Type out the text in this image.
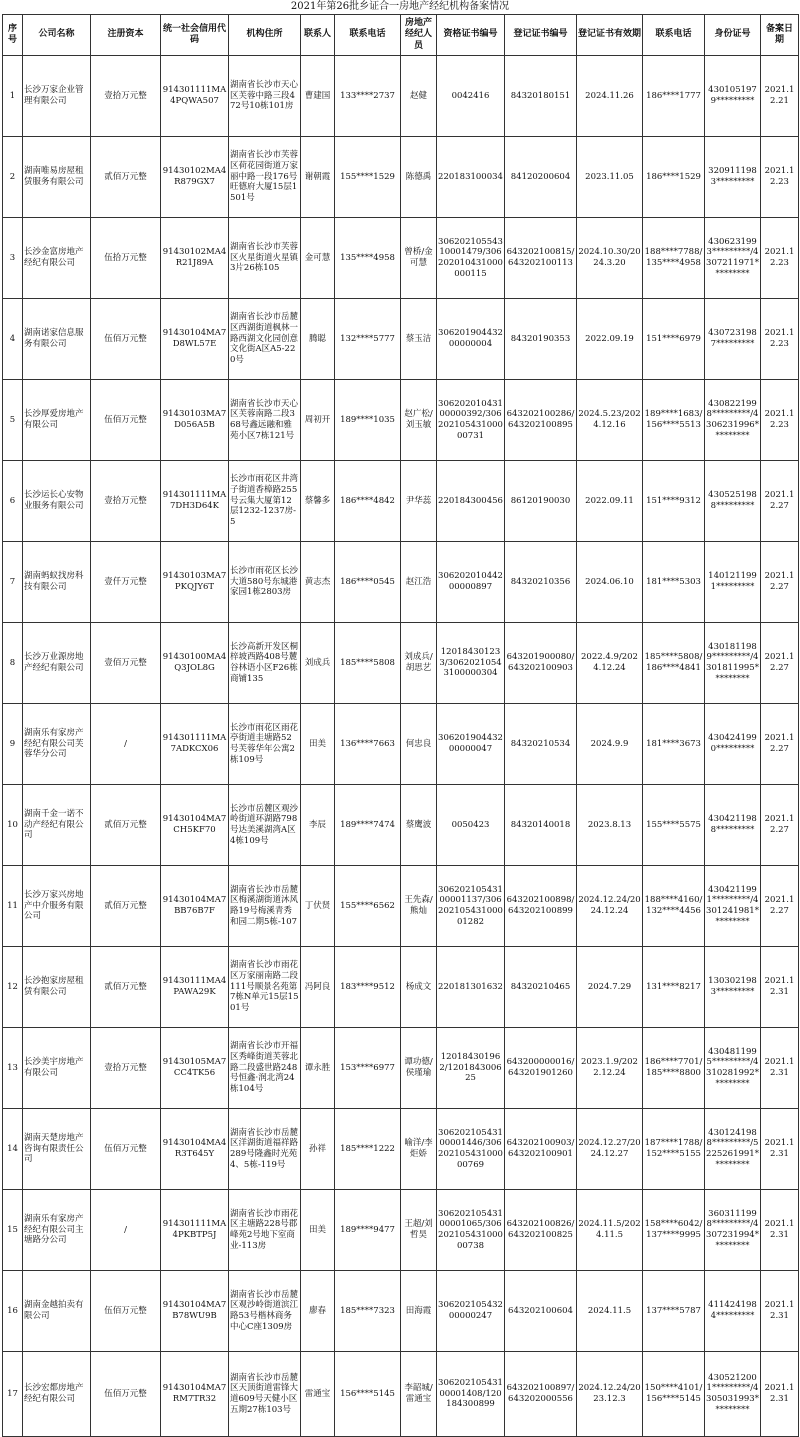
2021年第26批乡证合一房地产经纪机构备案情况
序号	公司名称	注册资本	统一社会信用代码	机构住所	联系人	联系电话	房地产经纪人员	资格证书编号	登记证书编号	登记证书有效期	联系电话	身份证号	备案日期
1	长沙万家企业管理有限公司	壹拾万元整	914301111MA4PQWA507	湖南省长沙市天心区芙蓉中路三段472号10栋101房	曹建国	133****2737	赵健	0042416	84320180151	2024.11.26	186****1777	4301051979*********	2021.12.21
2	湖南唯易房屋租赁服务有限公司	贰佰万元整	91430102MA4R879GX7	湖南省长沙市芙蓉区荷花园街道万家丽中路一段176号旺德府大厦15层1501号	谢朝霞	155****1529	陈德禹	220183100034	84120200604	2023.11.05	186****1529	3209111983*********	2021.12.23
3	长沙金富房地产经纪有限公司	伍拾万元整	91430102MA4R21J89A	湖南省长沙市芙蓉区火星街道火星镇3片26栋105	金可慧	135****4958	曾桥/金可慧	30620210554310001479/306202010431000000115	643202100815/643202100113	2024.10.30/2024.3.20	188****7788/135****4958	4306231993*********/4307211971*********	2021.12.23
4	湖南诺家信息服务有限公司	伍佰万元整	91430104MA7D8WL57E	湖南省长沙市岳麓区西湖街道枫林一路西湖文化园创意文化街A区A5-220号	腾聪	132****5777	蔡玉洁	30620190443200000004	84320190353	2022.09.19	151****6979	4307231987*********	2021.12.23
5	长沙厚爱房地产有限公司	伍佰万元整	91430103MA7D056A5B	湖南省长沙市天心区芙蓉南路二段368号鑫远融和雅苑小区7栋121号	周初开	189****1035	赵广松/刘玉敏	30620201043100000392/30620210543100000731	643202100286/643202100895	2024.5.23/2024.12.16	189****1683/156****5513	4308221998*********/4306231996*********	2021.12.23
6	长沙运长心安物业服务有限公司	壹拾万元整	914301111MA7DH3D64K	长沙市雨花区井湾子街道香樟路255号云集大厦第12层1232-1237房-5	蔡馨多	186****4842	尹华蕊	220184300456	86120190030	2022.09.11	151****9312	4305251988*********	2021.12.27
7	湖南蚂蚁找房科技有限公司	壹仟万元整	91430103MA7PKQJY6T	长沙市雨花区长沙大道580号东城港家园1栋2803房	黄志杰	186****0545	赵江浩	30620201044200000897	84320210356	2024.06.10	181****5303	1401211991*********	2021.12.27
8	长沙万业源房地产经纪有限公司	壹佰万元整	91430100MA4Q3JOL8G	长沙高新开发区桐梓坡西路408号麓谷林语小区F26栋商铺135	刘成兵	185****5808	刘成兵/胡思艺	120184301233/30620210543100000304	643201900080/643202100903	2022.4.9/2024.12.24	185****5808/186****4841	4301811989*********/4301811995*********	2021.12.27
9	湖南乐有家房产经纪有限公司芙蓉华分公司	/	914301111MA7ADKCX06	长沙市雨花区雨花亭街道圭塘路52号芙蓉华年公寓2栋109号	田美	136****7663	何忠良	30620190443200000047	84320210534	2024.9.9	181****3673	4304241990*********	2021.12.27
10	湖南千金一诺不动产经纪有限公司	贰佰万元整	91430104MA7CH5KF70	长沙市岳麓区观沙岭街道环湖路798号达美溪湖湾A区4栋109号	李辰	189****7474	蔡鹰波	0050423	84320140018	2023.8.13	155****5575	4304211988*********	2021.12.27
11	长沙万家兴房地产中介服务有限公司	贰佰万元整	91430104MA7BB76B7F	湖南省长沙市岳麓区梅溪湖街道沐风路19号梅溪青秀和园二期5栋-107	丁伏贤	155****6562	王先森/熊灿	30620210543100001137/30620210543100001282	643202100898/643202100899	2024.12.24/2024.12.24	188****4160/132****4456	4304211991*********/4301241981*********	2021.12.27
12	长沙抱家房屋租赁有限公司	贰佰万元整	91430111MA4PAWA29K	湖南省长沙市雨花区万家丽南路二段111号顺景名苑第7栋N单元15层1501号	冯阿良	183****9512	杨成文	220181301632	84320210465	2024.7.29	131****8217	1303021983*********	2021.12.31
13	长沙美宇房地产有限公司	壹拾万元整	91430105MA7CC4TK56	湖南省长沙市开福区秀峰街道芙蓉北路二段盛世路248号恒鑫·润北湾24栋104号	谭永胜	153****6977	谭功德/侯瑾瑜	120184301962/120184300625	643200000016/643201901260	2023.1.9/2022.12.24	186****7701/185****8800	4304811995*********/4310281992*********	2021.12.31
14	湖南天楚房地产咨询有限责任公司	伍佰万元整	91430104MA4R3T645Y	湖南省长沙市岳麓区洋湖街道福祥路289号隆鑫时光苑4、5栋-119号	孙祥	185****1222	喻洋/李炬娇	30620210543100001446/30620210543100000769	643202100903/643202100901	2024.12.27/2024.12.27	187****1788/152****5155	4301241988*********/5225261991*********	2021.12.31
15	湖南乐有家房产经纪有限公司主塘路分公司	/	914301111MA4PKBTP5J	湖南省长沙市雨花区主塘路228号郡峰苑2号地下室商业-113房	田美	189****9477	王超/刘哲昊	30620210543100001065/30620210543100000738	643202100826/643202100825	2024.11.5/2024.11.5	158****6042/137****9995	3603111998*********/4307231994*********	2021.12.31
16	湖南金越拍卖有限公司	伍佰万元整	91430104MA7B78WU9B	湖南省长沙市岳麓区观沙岭街道滨江路53号楷林商务中心C座1309房	廖春	185****7323	田海霞	30620210543200000247	643202100604	2024.11.5	137****5787	4114241984*********	2021.12.31
17	长沙宏都房地产经纪有限公司	伍佰万元整	91430104MA7RM7TR32	湖南省长沙市岳麓区天顶街道雷锋大道609号天健小区五期27栋103号	雷通宝	156****5145	李韶城/雷通宝	30620210543100001408/120184300899	643202100897/643202000556	2024.12.24/2023.12.3	150****4101/156****5145	4305212001*********/4305031993*********	2021.12.31
